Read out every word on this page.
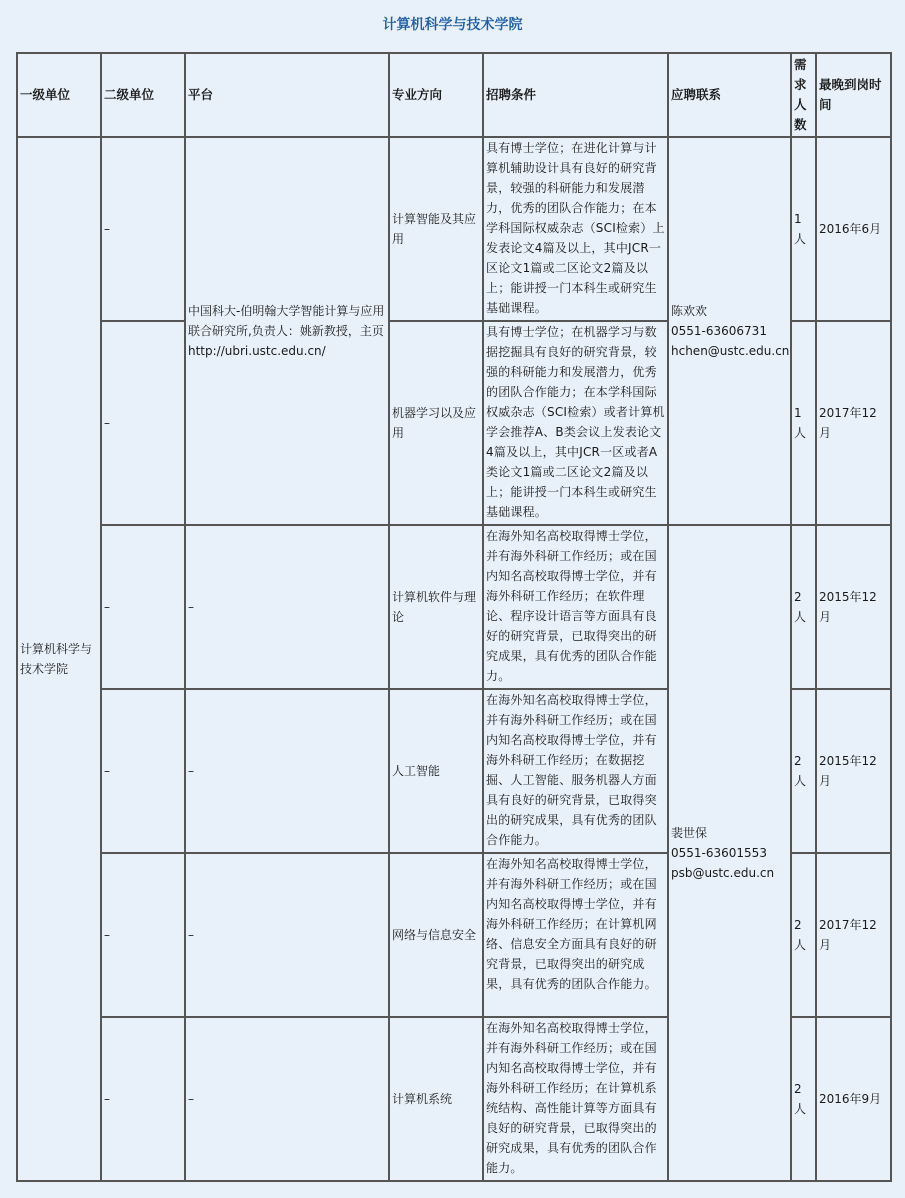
计算机科学与技术学院
一级单位	二级单位	平台	专业方向	招聘条件	应聘联系	需求人数	最晚到岗时间
计算机科学与技术学院	–	中国科大-伯明翰大学智能计算与应用联合研究所,负责人：姚新教授，主页http://ubri.ustc.edu.cn/	计算智能及其应用	具有博士学位；在进化计算与计算机辅助设计具有良好的研究背景，较强的科研能力和发展潜力，优秀的团队合作能力；在本学科国际权威杂志（SCI检索）上发表论文4篇及以上，其中JCR一区论文1篇或二区论文2篇及以上；能讲授一门本科生或研究生基础课程。	陈欢欢
0551-63606731
hchen@ustc.edu.cn	1人	2016年6月
	–		机器学习以及应用	具有博士学位；在机器学习与数据挖掘具有良好的研究背景，较强的科研能力和发展潜力，优秀的团队合作能力；在本学科国际权威杂志（SCI检索）或者计算机学会推荐A、B类会议上发表论文4篇及以上，其中JCR一区或者A类论文1篇或二区论文2篇及以上；能讲授一门本科生或研究生基础课程。		1人	2017年12月
	–	–	计算机软件与理论	在海外知名高校取得博士学位，并有海外科研工作经历；或在国内知名高校取得博士学位，并有海外科研工作经历；在软件理论、程序设计语言等方面具有良好的研究背景，已取得突出的研究成果，具有优秀的团队合作能力。	裴世保
0551-63601553
psb@ustc.edu.cn	2人	2015年12月
	–	–	人工智能	在海外知名高校取得博士学位，并有海外科研工作经历；或在国内知名高校取得博士学位，并有海外科研工作经历；在数据挖掘、人工智能、服务机器人方面具有良好的研究背景，已取得突出的研究成果，具有优秀的团队合作能力。		2人	2015年12月
	–	–	网络与信息安全	在海外知名高校取得博士学位，并有海外科研工作经历；或在国内知名高校取得博士学位，并有海外科研工作经历；在计算机网络、信息安全方面具有良好的研究背景，已取得突出的研究成果，具有优秀的团队合作能力。		2人	2017年12月
	–	–	计算机系统	在海外知名高校取得博士学位，并有海外科研工作经历；或在国内知名高校取得博士学位，并有海外科研工作经历；在计算机系统结构、高性能计算等方面具有良好的研究背景，已取得突出的研究成果，具有优秀的团队合作能力。		2人	2016年9月
